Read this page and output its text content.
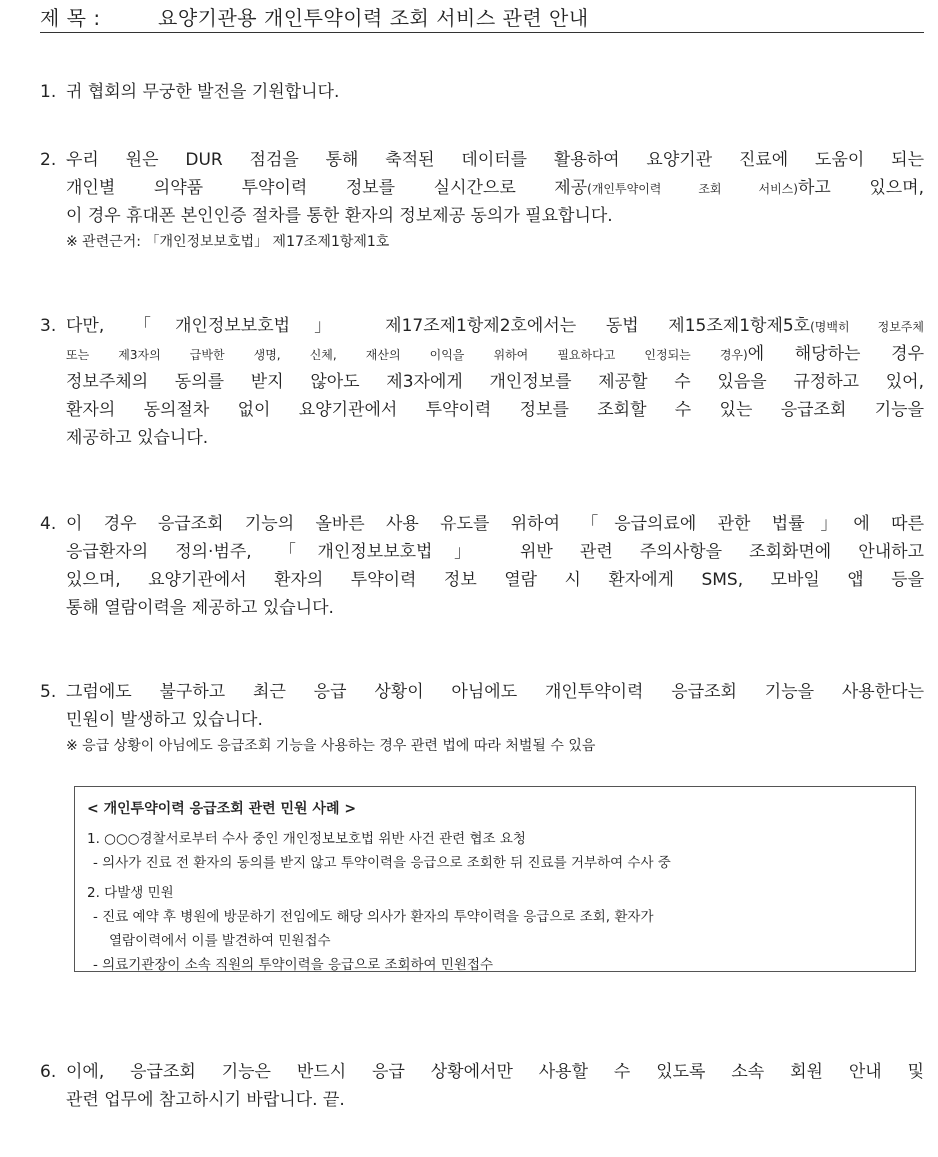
제 목 :	요양기관용 개인투약이력 조회 서비스 관련 안내
1. 귀 협회의 무궁한 발전을 기원합니다.
2. 우리 원은 DUR 점검을 통해 축적된 데이터를 활용하여 요양기관 진료에 도움이 되는
개인별 의약품 투약이력 정보를 실시간으로 제공(개인투약이력 조회 서비스)하고 있으며,
이 경우 휴대폰 본인인증 절차를 통한 환자의 정보제공 동의가 필요합니다.
※ 관련근거: 「개인정보보호법」 제17조제1항제1호
3. 다만, 「개인정보보호법」 제17조제1항제2호에서는 동법 제15조제1항제5호(명백히 정보주체
또는 제3자의 급박한 생명, 신체, 재산의 이익을 위하여 필요하다고 인정되는 경우)에 해당하는 경우
정보주체의 동의를 받지 않아도 제3자에게 개인정보를 제공할 수 있음을 규정하고 있어,
환자의 동의절차 없이 요양기관에서 투약이력 정보를 조회할 수 있는 응급조회 기능을
제공하고 있습니다.
4. 이 경우 응급조회 기능의 올바른 사용 유도를 위하여 「응급의료에 관한 법률」에 따른
응급환자의 정의·범주, 「개인정보보호법」 위반 관련 주의사항을 조회화면에 안내하고
있으며, 요양기관에서 환자의 투약이력 정보 열람 시 환자에게 SMS, 모바일 앱 등을
통해 열람이력을 제공하고 있습니다.
5. 그럼에도 불구하고 최근 응급 상황이 아님에도 개인투약이력 응급조회 기능을 사용한다는
민원이 발생하고 있습니다.
※ 응급 상황이 아님에도 응급조회 기능을 사용하는 경우 관련 법에 따라 처벌될 수 있음
< 개인투약이력 응급조회 관련 민원 사례 >
1. ○○○경찰서로부터 수사 중인 개인정보보호법 위반 사건 관련 협조 요청
- 의사가 진료 전 환자의 동의를 받지 않고 투약이력을 응급으로 조회한 뒤 진료를 거부하여 수사 중
2. 다발생 민원
- 진료 예약 후 병원에 방문하기 전임에도 해당 의사가 환자의 투약이력을 응급으로 조회, 환자가
열람이력에서 이를 발견하여 민원접수
- 의료기관장이 소속 직원의 투약이력을 응급으로 조회하여 민원접수
6. 이에, 응급조회 기능은 반드시 응급 상황에서만 사용할 수 있도록 소속 회원 안내 및
관련 업무에 참고하시기 바랍니다. 끝.
